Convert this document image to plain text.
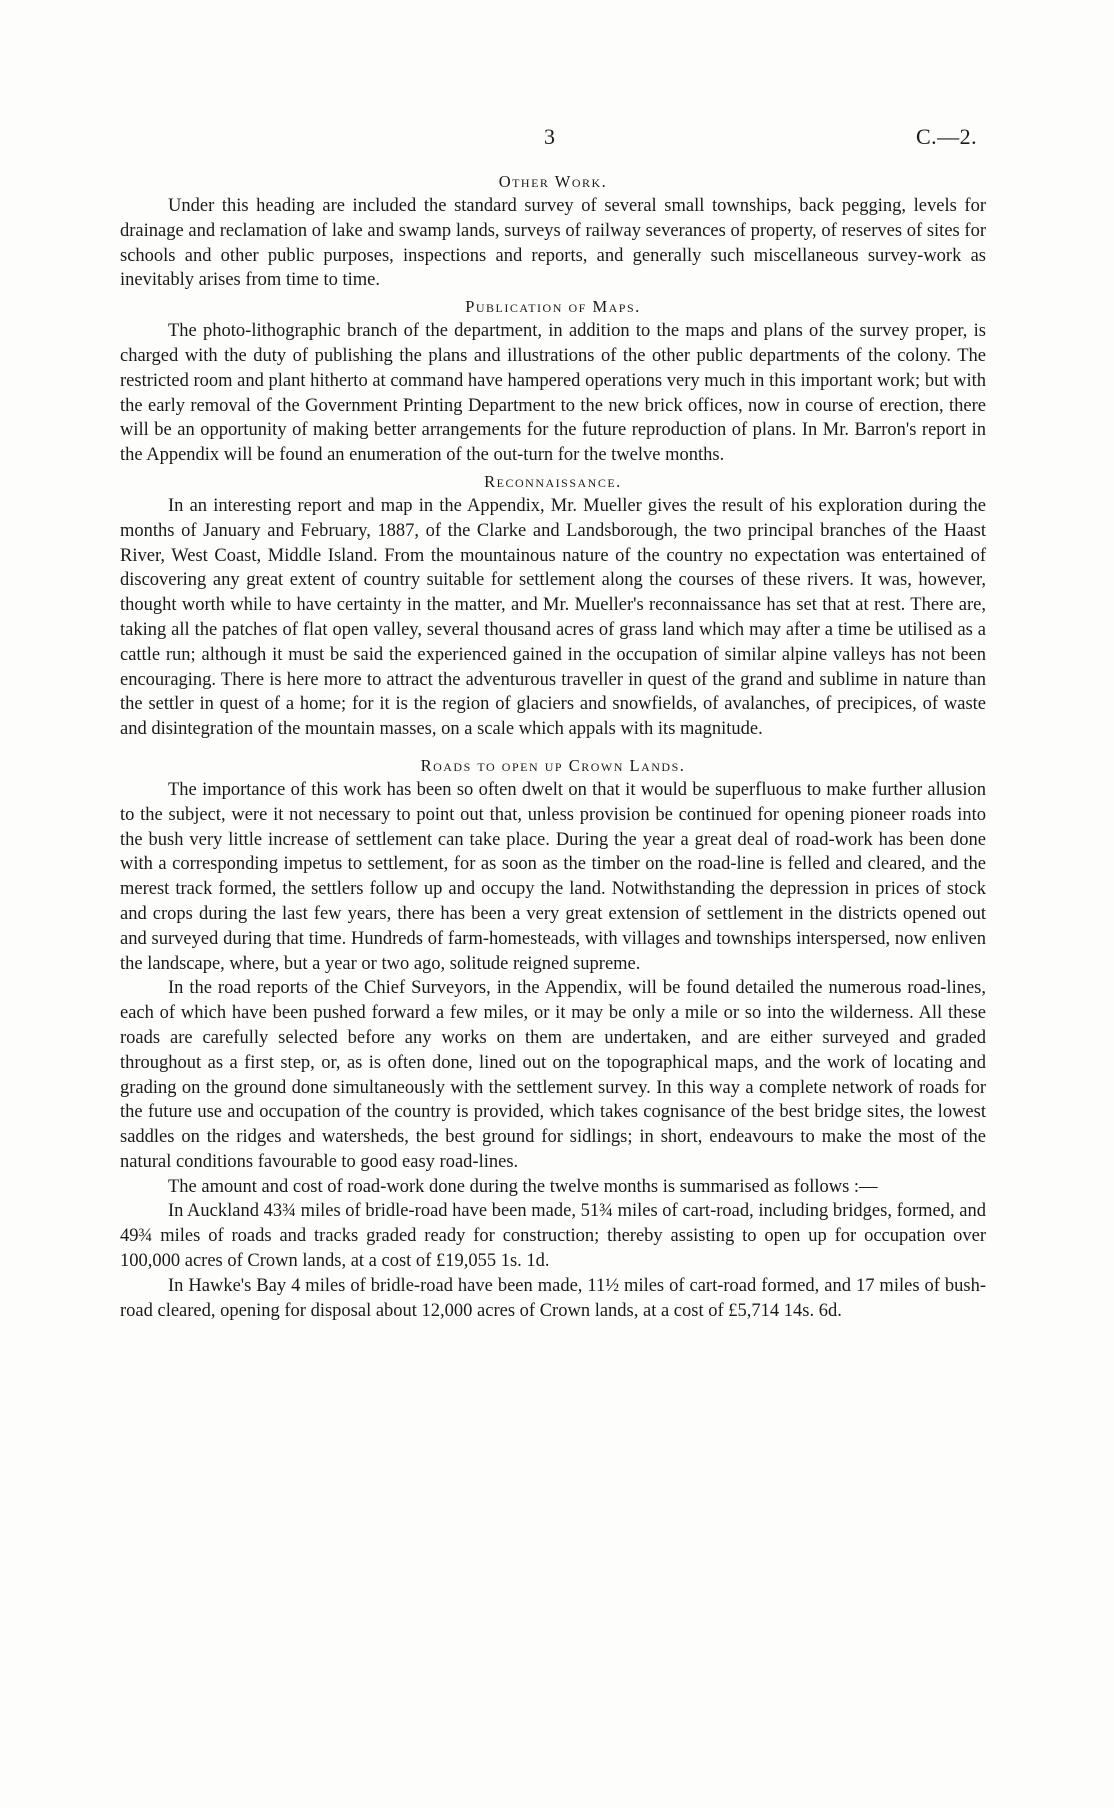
3	C.—2.
Other Work.

Under this heading are included the standard survey of several small townships, back pegging, levels for drainage and reclamation of lake and swamp lands, surveys of railway severances of property, of reserves of sites for schools and other public purposes, inspections and reports, and generally such miscellaneous survey-work as inevitably arises from time to time.

Publication of Maps.

The photo-lithographic branch of the department, in addition to the maps and plans of the survey proper, is charged with the duty of publishing the plans and illustrations of the other public departments of the colony. The restricted room and plant hitherto at command have hampered operations very much in this important work; but with the early removal of the Government Printing Department to the new brick offices, now in course of erection, there will be an opportunity of making better arrangements for the future reproduction of plans. In Mr. Barron's report in the Appendix will be found an enumeration of the out-turn for the twelve months.

Reconnaissance.

In an interesting report and map in the Appendix, Mr. Mueller gives the result of his exploration during the months of January and February, 1887, of the Clarke and Landsborough, the two principal branches of the Haast River, West Coast, Middle Island. From the mountainous nature of the country no expectation was entertained of discovering any great extent of country suitable for settlement along the courses of these rivers. It was, however, thought worth while to have certainty in the matter, and Mr. Mueller's reconnaissance has set that at rest. There are, taking all the patches of flat open valley, several thousand acres of grass land which may after a time be utilised as a cattle run; although it must be said the experienced gained in the occupation of similar alpine valleys has not been encouraging. There is here more to attract the adventurous traveller in quest of the grand and sublime in nature than the settler in quest of a home; for it is the region of glaciers and snowfields, of avalanches, of precipices, of waste and disintegration of the mountain masses, on a scale which appals with its magnitude.

Roads to open up Crown Lands.

The importance of this work has been so often dwelt on that it would be superfluous to make further allusion to the subject, were it not necessary to point out that, unless provision be continued for opening pioneer roads into the bush very little increase of settlement can take place. During the year a great deal of road-work has been done with a corresponding impetus to settlement, for as soon as the timber on the road-line is felled and cleared, and the merest track formed, the settlers follow up and occupy the land. Notwithstanding the depression in prices of stock and crops during the last few years, there has been a very great extension of settlement in the districts opened out and surveyed during that time. Hundreds of farm-homesteads, with villages and townships interspersed, now enliven the landscape, where, but a year or two ago, solitude reigned supreme.

In the road reports of the Chief Surveyors, in the Appendix, will be found detailed the numerous road-lines, each of which have been pushed forward a few miles, or it may be only a mile or so into the wilderness. All these roads are carefully selected before any works on them are undertaken, and are either surveyed and graded throughout as a first step, or, as is often done, lined out on the topographical maps, and the work of locating and grading on the ground done simultaneously with the settlement survey. In this way a complete network of roads for the future use and occupation of the country is provided, which takes cognisance of the best bridge sites, the lowest saddles on the ridges and watersheds, the best ground for sidlings; in short, endeavours to make the most of the natural conditions favourable to good easy road-lines.

The amount and cost of road-work done during the twelve months is summarised as follows :—

In Auckland 43¾ miles of bridle-road have been made, 51¾ miles of cart-road, including bridges, formed, and 49¾ miles of roads and tracks graded ready for construction; thereby assisting to open up for occupation over 100,000 acres of Crown lands, at a cost of £19,055 1s. 1d.

In Hawke's Bay 4 miles of bridle-road have been made, 11½ miles of cart-road formed, and 17 miles of bush-road cleared, opening for disposal about 12,000 acres of Crown lands, at a cost of £5,714 14s. 6d.
